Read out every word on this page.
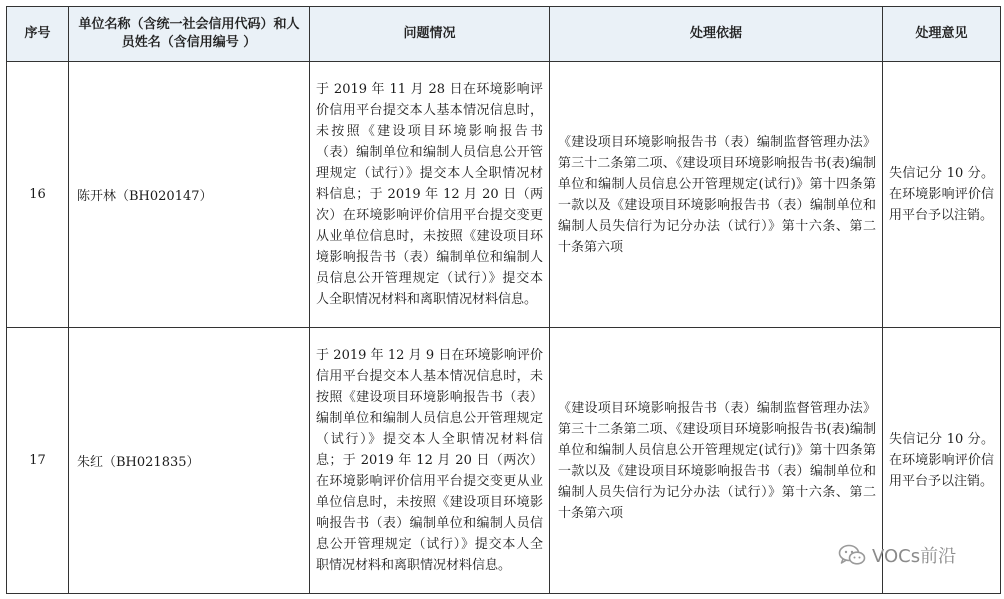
序号	单位名称（含统一社会信用代码）和人员姓名（含信用编号 ）	问题情况	处理依据	处理意见

16	陈开林（BH020147）	于 2019 年 11 月 28 日在环境影响评价信用平台提交本人基本情况信息时，未按照《建设项目环境影响报告书（表）编制单位和编制人员信息公开管理规定（试行）》提交本人全职情况材料信息；于 2019 年 12 月 20 日（两次）在环境影响评价信用平台提交变更从业单位信息时，未按照《建设项目环境影响报告书（表）编制单位和编制人员信息公开管理规定（试行）》提交本人全职情况材料和离职情况材料信息。	《建设项目环境影响报告书（表）编制监督管理办法》第三十二条第二项、《建设项目环境影响报告书(表)编制单位和编制人员信息公开管理规定(试行)》第十四条第一款以及《建设项目环境影响报告书（表）编制单位和编制人员失信行为记分办法（试行）》第十六条、第二十条第六项	失信记分 10 分。在环境影响评价信用平台予以注销。

17	朱红（BH021835）	于 2019 年 12 月 9 日在环境影响评价信用平台提交本人基本情况信息时，未按照《建设项目环境影响报告书（表）编制单位和编制人员信息公开管理规定（试行）》提交本人全职情况材料信息；于 2019 年 12 月 20 日（两次）在环境影响评价信用平台提交变更从业单位信息时，未按照《建设项目环境影响报告书（表）编制单位和编制人员信息公开管理规定（试行）》提交本人全职情况材料和离职情况材料信息。	《建设项目环境影响报告书（表）编制监督管理办法》第三十二条第二项、《建设项目环境影响报告书(表)编制单位和编制人员信息公开管理规定(试行)》第十四条第一款以及《建设项目环境影响报告书（表）编制单位和编制人员失信行为记分办法（试行）》第十六条、第二十条第六项	失信记分 10 分。在环境影响评价信用平台予以注销。
VOCs前沿
